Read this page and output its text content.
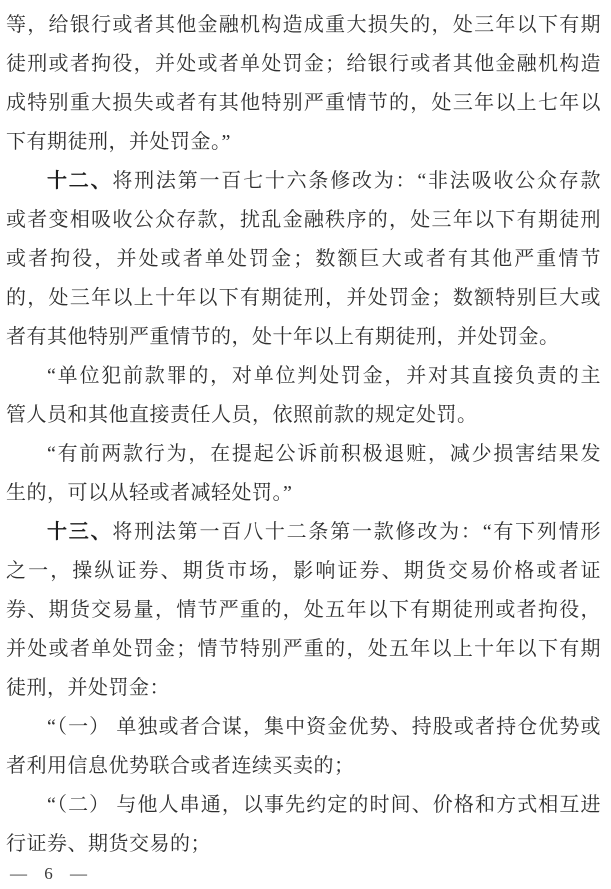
等，给银行或者其他金融机构造成重大损失的，处三年以下有期
徒刑或者拘役，并处或者单处罚金；给银行或者其他金融机构造
成特别重大损失或者有其他特别严重情节的，处三年以上七年以
下有期徒刑，并处罚金。”
十二、将刑法第一百七十六条修改为：“非法吸收公众存款
或者变相吸收公众存款，扰乱金融秩序的，处三年以下有期徒刑
或者拘役，并处或者单处罚金；数额巨大或者有其他严重情节
的，处三年以上十年以下有期徒刑，并处罚金；数额特别巨大或
者有其他特别严重情节的，处十年以上有期徒刑，并处罚金。
“单位犯前款罪的，对单位判处罚金，并对其直接负责的主
管人员和其他直接责任人员，依照前款的规定处罚。
“有前两款行为，在提起公诉前积极退赃，减少损害结果发
生的，可以从轻或者减轻处罚。”
十三、将刑法第一百八十二条第一款修改为：“有下列情形
之一，操纵证券、期货市场，影响证券、期货交易价格或者证
券、期货交易量，情节严重的，处五年以下有期徒刑或者拘役，
并处或者单处罚金；情节特别严重的，处五年以上十年以下有期
徒刑，并处罚金：
“（一） 单独或者合谋，集中资金优势、持股或者持仓优势或
者利用信息优势联合或者连续买卖的；
“（二） 与他人串通，以事先约定的时间、价格和方式相互进
行证券、期货交易的；
— 6 —
